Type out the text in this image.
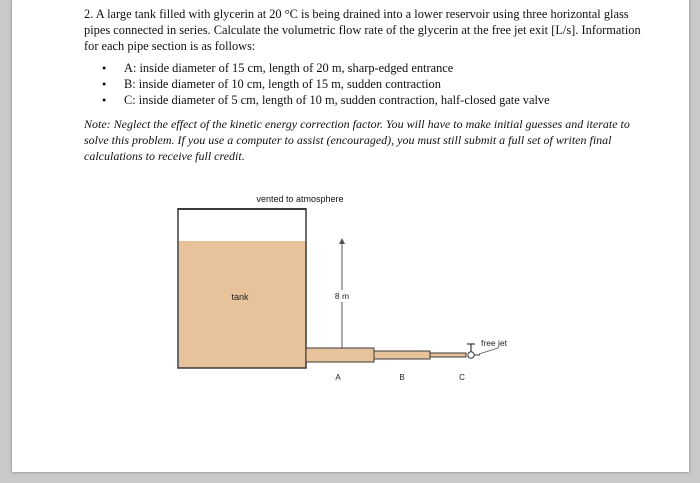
2. A large tank filled with glycerin at 20 °C is being drained into a lower reservoir using three horizontal glass pipes connected in series. Calculate the volumetric flow rate of the glycerin at the free jet exit [L/s]. Information for each pipe section is as follows:

● A: inside diameter of 15 cm, length of 20 m, sharp-edged entrance
● B: inside diameter of 10 cm, length of 15 m, sudden contraction
● C: inside diameter of 5 cm, length of 10 m, sudden contraction, half-closed gate valve

Note: Neglect the effect of the kinetic energy correction factor. You will have to make initial guesses and iterate to solve this problem. If you use a computer to assist (encouraged), you must still submit a full set of writen final calculations to receive full credit.

vented to atmosphere
tank	8 m
free jet
A	B	C
